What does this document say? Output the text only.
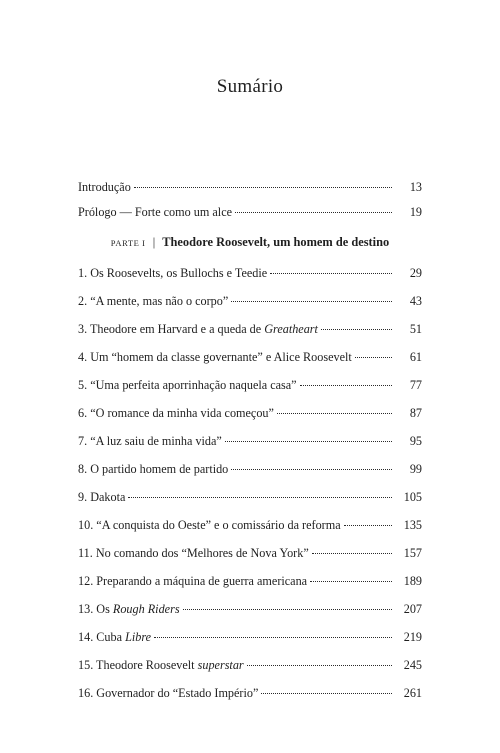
Sumário
Introdução	13
Prólogo — Forte como um alce	19
PARTE I | Theodore Roosevelt, um homem de destino
1. Os Roosevelts, os Bullochs e Teedie	29
2. “A mente, mas não o corpo”	43
3. Theodore em Harvard e a queda de Greatheart	51
4. Um “homem da classe governante” e Alice Roosevelt	61
5. “Uma perfeita aporrinhação naquela casa”	77
6. “O romance da minha vida começou”	87
7. “A luz saiu de minha vida”	95
8. O partido homem de partido	99
9. Dakota	105
10. “A conquista do Oeste” e o comissário da reforma	135
11. No comando dos “Melhores de Nova York”	157
12. Preparando a máquina de guerra americana	189
13. Os Rough Riders	207
14. Cuba Libre	219
15. Theodore Roosevelt superstar	245
16. Governador do “Estado Império”	261
